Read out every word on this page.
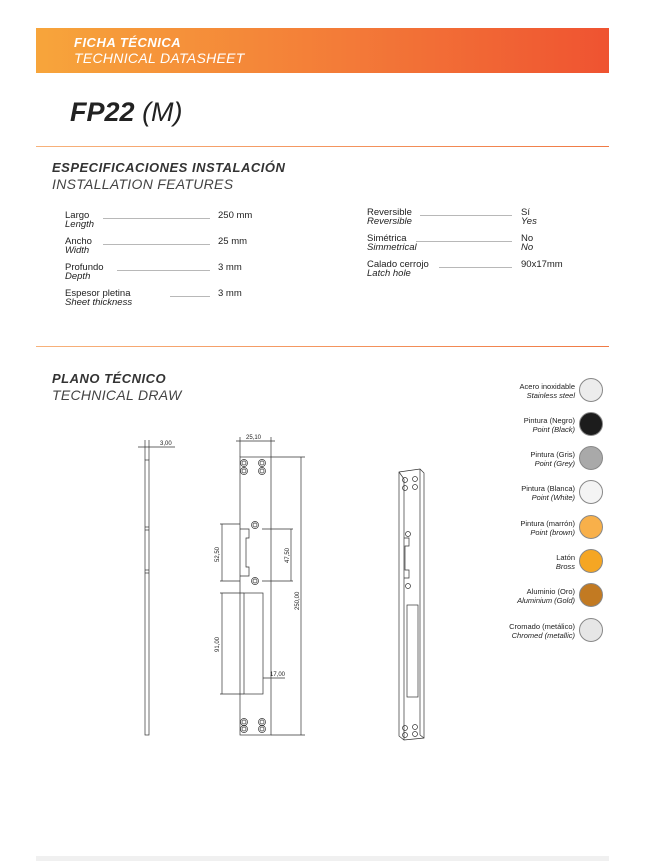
FICHA TÉCNICA
TECHNICAL DATASHEET
FP22 (M)
ESPECIFICACIONES INSTALACIÓN
INSTALLATION FEATURES
Largo
Length
250 mm
Ancho
Width
25 mm
Profundo
Depth
3 mm
Espesor pletina
Sheet thickness
3 mm
Reversible
Reversible
Sí
Yes
Simétrica
Simmetrical
No
No
Calado cerrojo
Latch hole
90x17mm
PLANO TÉCNICO
TECHNICAL DRAW
3,00
25,10
250,00
52,50	47,50
91,00
17,00
Acero inoxidable
Stainless steel
Pintura (Negro)
Point (Black)
Pintura (Gris)
Point (Grey)
Pintura (Blanca)
Point (White)
Pintura (marrón)
Point (brown)
Latón
Bross
Aluminio (Oro)
Aluminium (Gold)
Cromado (metálico)
Chromed (metallic)
